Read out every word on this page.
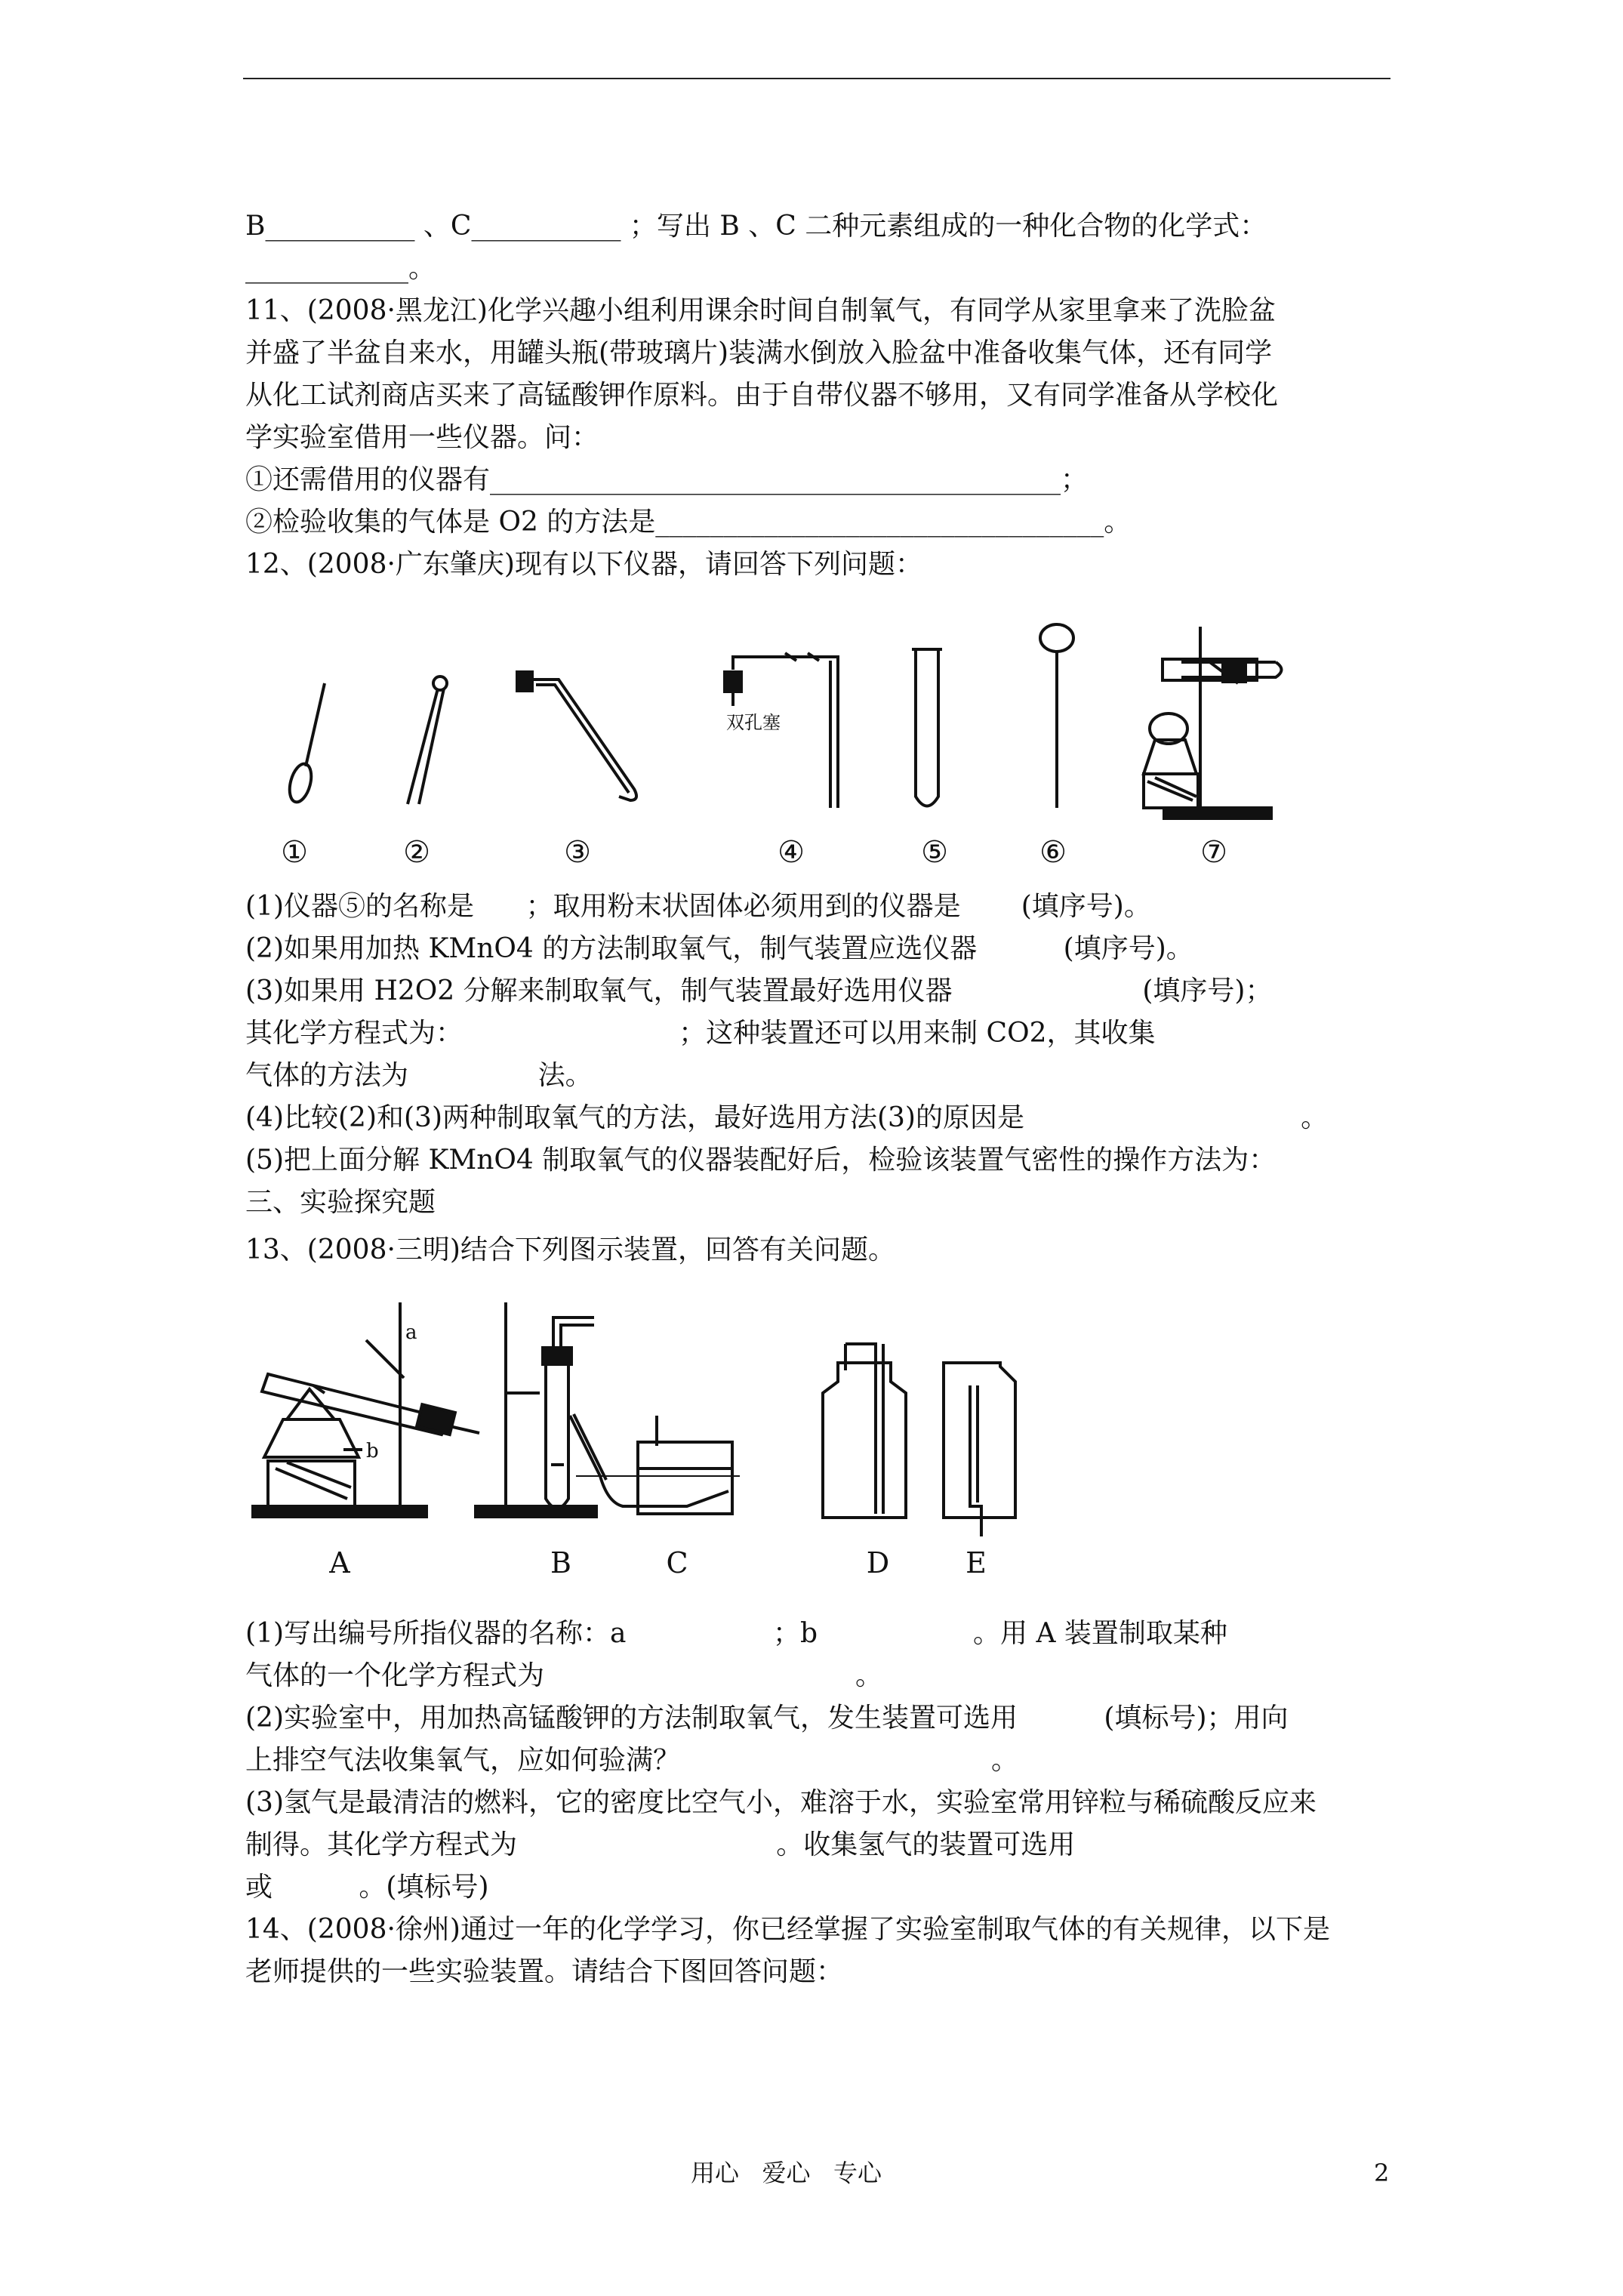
B___________ 、C___________ ；写出 B 、C 二种元素组成的一种化合物的化学式：
____________。
11、(2008·黑龙江)化学兴趣小组利用课余时间自制氧气，有同学从家里拿来了洗脸盆
并盛了半盆自来水，用罐头瓶(带玻璃片)装满水倒放入脸盆中准备收集气体，还有同学
从化工试剂商店买来了高锰酸钾作原料。由于自带仪器不够用，又有同学准备从学校化
学实验室借用一些仪器。问：
①还需借用的仪器有__________________________________________；
②检验收集的气体是 O2 的方法是_________________________________。
12、(2008·广东肇庆)现有以下仪器，请回答下列问题：
①	②	③	④	⑤	⑥	⑦
双孔塞
(1)仪器⑤的名称是      ；取用粉末状固体必须用到的仪器是       (填序号)。
(2)如果用加热 KMnO4 的方法制取氧气，制气装置应选仪器          (填序号)。
(3)如果用 H2O2 分解来制取氧气，制气装置最好选用仪器                      (填序号)；
其化学方程式为：                         ；这种装置还可以用来制 CO2，其收集
气体的方法为               法。
(4)比较(2)和(3)两种制取氧气的方法，最好选用方法(3)的原因是                                。
(5)把上面分解 KMnO4 制取氧气的仪器装配好后，检验该装置气密性的操作方法为：
三、实验探究题
13、(2008·三明)结合下列图示装置，回答有关问题。
A	B	C	D	E
a
b
(1)写出编号所指仪器的名称：a                 ；b                  。用 A 装置制取某种
气体的一个化学方程式为                                    。
(2)实验室中，用加热高锰酸钾的方法制取氧气，发生装置可选用          (填标号)；用向
上排空气法收集氧气，应如何验满？                                    。
(3)氢气是最清洁的燃料，它的密度比空气小，难溶于水，实验室常用锌粒与稀硫酸反应来
制得。其化学方程式为                              。收集氢气的装置可选用
或          。(填标号)
14、(2008·徐州)通过一年的化学学习，你已经掌握了实验室制取气体的有关规律，以下是
老师提供的一些实验装置。请结合下图回答问题：
用心   爱心   专心	2
